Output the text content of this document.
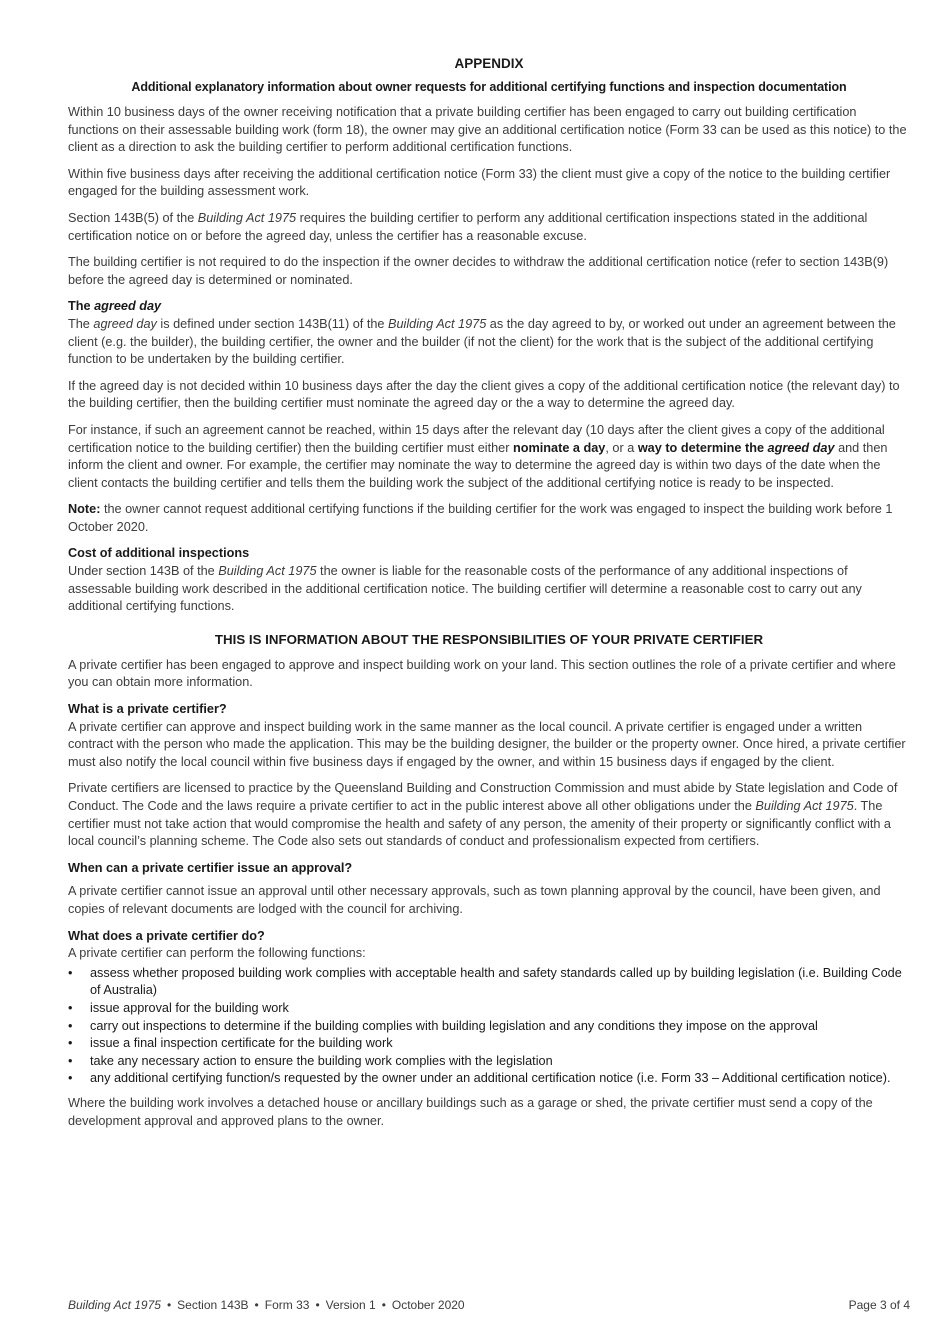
APPENDIX
Additional explanatory information about owner requests for additional certifying functions and inspection documentation

Within 10 business days of the owner receiving notification that a private building certifier has been engaged to carry out building certification functions on their assessable building work (form 18), the owner may give an additional certification notice (Form 33 can be used as this notice) to the client as a direction to ask the building certifier to perform additional certification functions.

Within five business days after receiving the additional certification notice (Form 33) the client must give a copy of the notice to the building certifier engaged for the building assessment work.

Section 143B(5) of the Building Act 1975 requires the building certifier to perform any additional certification inspections stated in the additional certification notice on or before the agreed day, unless the certifier has a reasonable excuse.

The building certifier is not required to do the inspection if the owner decides to withdraw the additional certification notice (refer to section 143B(9) before the agreed day is determined or nominated.

The agreed day

The agreed day is defined under section 143B(11) of the Building Act 1975 as the day agreed to by, or worked out under an agreement between the client (e.g. the builder), the building certifier, the owner and the builder (if not the client) for the work that is the subject of the additional certifying function to be undertaken by the building certifier.

If the agreed day is not decided within 10 business days after the day the client gives a copy of the additional certification notice (the relevant day) to the building certifier, then the building certifier must nominate the agreed day or the a way to determine the agreed day.

For instance, if such an agreement cannot be reached, within 15 days after the relevant day (10 days after the client gives a copy of the additional certification notice to the building certifier) then the building certifier must either nominate a day, or a way to determine the agreed day and then inform the client and owner. For example, the certifier may nominate the way to determine the agreed day is within two days of the date when the client contacts the building certifier and tells them the building work the subject of the additional certifying notice is ready to be inspected.

Note: the owner cannot request additional certifying functions if the building certifier for the work was engaged to inspect the building work before 1 October 2020.

Cost of additional inspections

Under section 143B of the Building Act 1975 the owner is liable for the reasonable costs of the performance of any additional inspections of assessable building work described in the additional certification notice. The building certifier will determine a reasonable cost to carry out any additional certifying functions.

THIS IS INFORMATION ABOUT THE RESPONSIBILITIES OF YOUR PRIVATE CERTIFIER

A private certifier has been engaged to approve and inspect building work on your land. This section outlines the role of a private certifier and where you can obtain more information.

What is a private certifier?

A private certifier can approve and inspect building work in the same manner as the local council. A private certifier is engaged under a written contract with the person who made the application. This may be the building designer, the builder or the property owner. Once hired, a private certifier must also notify the local council within five business days if engaged by the owner, and within 15 business days if engaged by the client.

Private certifiers are licensed to practice by the Queensland Building and Construction Commission and must abide by State legislation and Code of Conduct. The Code and the laws require a private certifier to act in the public interest above all other obligations under the Building Act 1975. The certifier must not take action that would compromise the health and safety of any person, the amenity of their property or significantly conflict with a local council’s planning scheme. The Code also sets out standards of conduct and professionalism expected from certifiers.

When can a private certifier issue an approval?

A private certifier cannot issue an approval until other necessary approvals, such as town planning approval by the council, have been given, and copies of relevant documents are lodged with the council for archiving.

What does a private certifier do?

A private certifier can perform the following functions:

• assess whether proposed building work complies with acceptable health and safety standards called up by building legislation (i.e. Building Code of Australia)
• issue approval for the building work
• carry out inspections to determine if the building complies with building legislation and any conditions they impose on the approval
• issue a final inspection certificate for the building work
• take any necessary action to ensure the building work complies with the legislation
• any additional certifying function/s requested by the owner under an additional certification notice (i.e. Form 33 – Additional certification notice).

Where the building work involves a detached house or ancillary buildings such as a garage or shed, the private certifier must send a copy of the development approval and approved plans to the owner.

Building Act 1975 • Section 143B • Form 33 • Version 1 • October 2020	Page 3 of 4
